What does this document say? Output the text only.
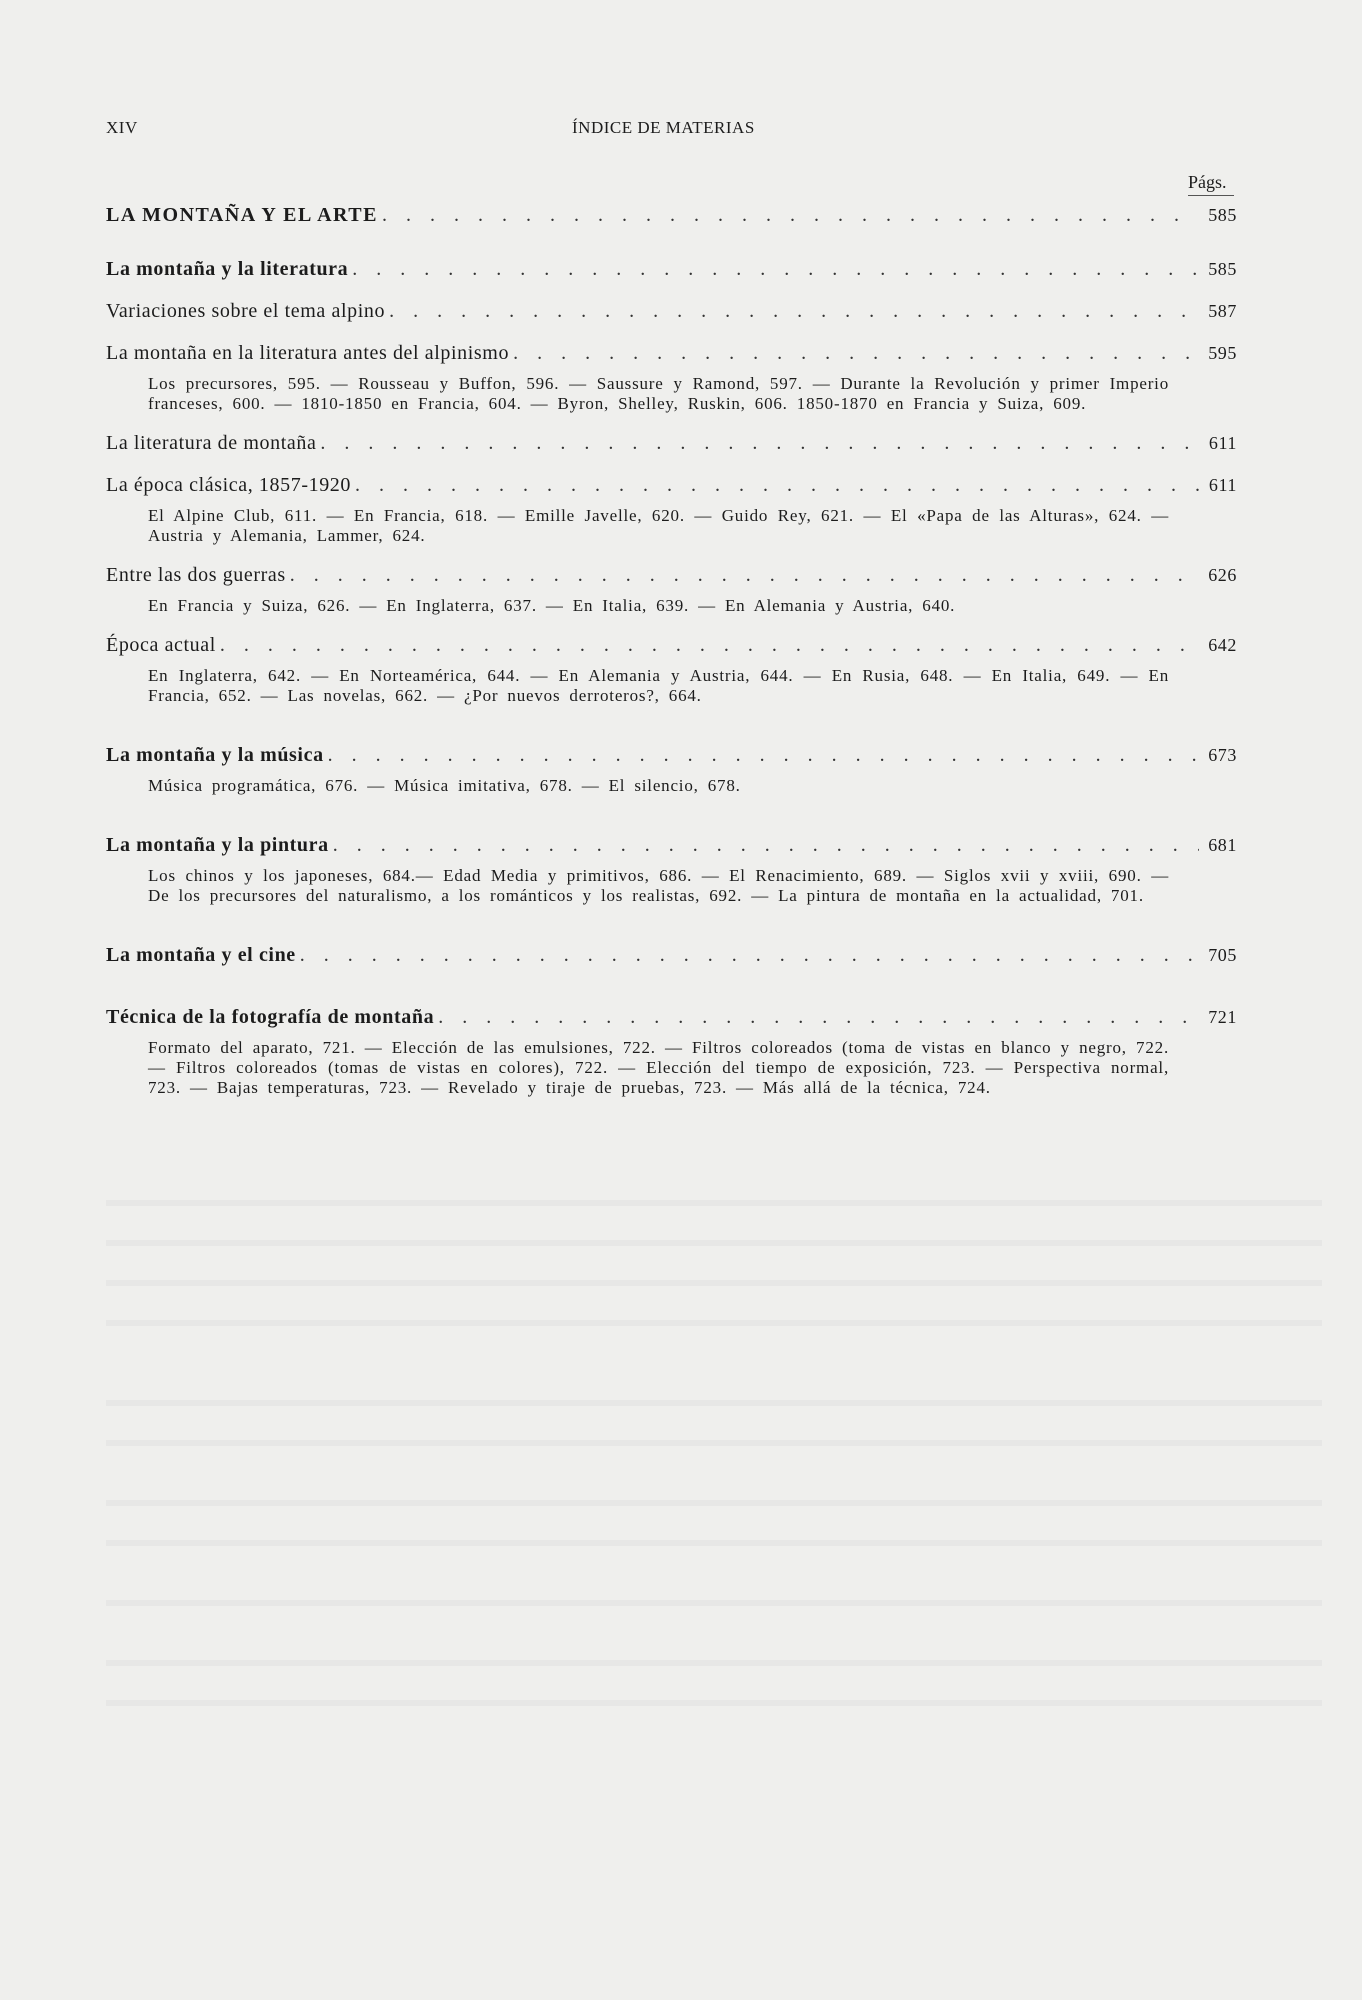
XIV	ÍNDICE DE MATERIAS
Págs.
LA MONTAÑA Y EL ARTE . . .	585
La montaña y la literatura . . .	585
Variaciones sobre el tema alpino . . .	587
La montaña en la literatura antes del alpinismo . . .	595
Los precursores, 595. — Rousseau y Buffon, 596. — Saussure y Ramond, 597. — Durante la Revolución y primer Imperio franceses, 600. — 1810-1850 en Francia, 604. — Byron, Shelley, Ruskin, 606. 1850-1870 en Francia y Suiza, 609.
La literatura de montaña . . .	611
La época clásica, 1857-1920 . . .	611
El Alpine Club, 611. — En Francia, 618. — Emille Javelle, 620. — Guido Rey, 621. — El «Papa de las Alturas», 624. — Austria y Alemania, Lammer, 624.
Entre las dos guerras . . .	626
En Francia y Suiza, 626. — En Inglaterra, 637. — En Italia, 639. — En Alemania y Austria, 640.
Época actual . . .	642
En Inglaterra, 642. — En Norteamérica, 644. — En Alemania y Austria, 644. — En Rusia, 648. — En Italia, 649. — En Francia, 652. — Las novelas, 662. — ¿Por nuevos derroteros?, 664.
La montaña y la música . . .	673
Música programática, 676. — Música imitativa, 678. — El silencio, 678.
La montaña y la pintura . . .	681
Los chinos y los japoneses, 684.— Edad Media y primitivos, 686. — El Renacimiento, 689. — Siglos xvii y xviii, 690. — De los precursores del naturalismo, a los románticos y los realistas, 692. — La pintura de montaña en la actualidad, 701.
La montaña y el cine . . .	705
Técnica de la fotografía de montaña . . .	721
Formato del aparato, 721. — Elección de las emulsiones, 722. — Filtros coloreados (toma de vistas en blanco y negro, 722. — Filtros coloreados (tomas de vistas en colores), 722. — Elección del tiempo de exposición, 723. — Perspectiva normal, 723. — Bajas temperaturas, 723. — Revelado y tiraje de pruebas, 723. — Más allá de la técnica, 724.
